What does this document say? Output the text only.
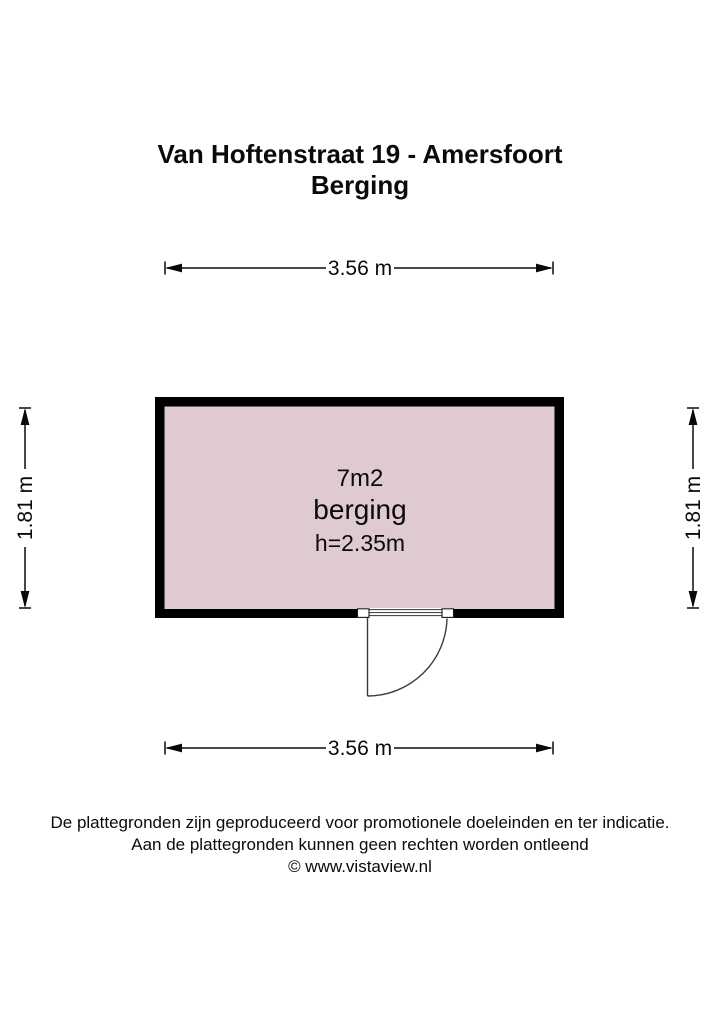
Van Hoftenstraat 19 - Amersfoort
Berging
3.56 m
1.81 m	1.81 m
7m2
berging
h=2.35m
3.56 m
De plattegronden zijn geproduceerd voor promotionele doeleinden en ter indicatie.
Aan de plattegronden kunnen geen rechten worden ontleend
© www.vistaview.nl
